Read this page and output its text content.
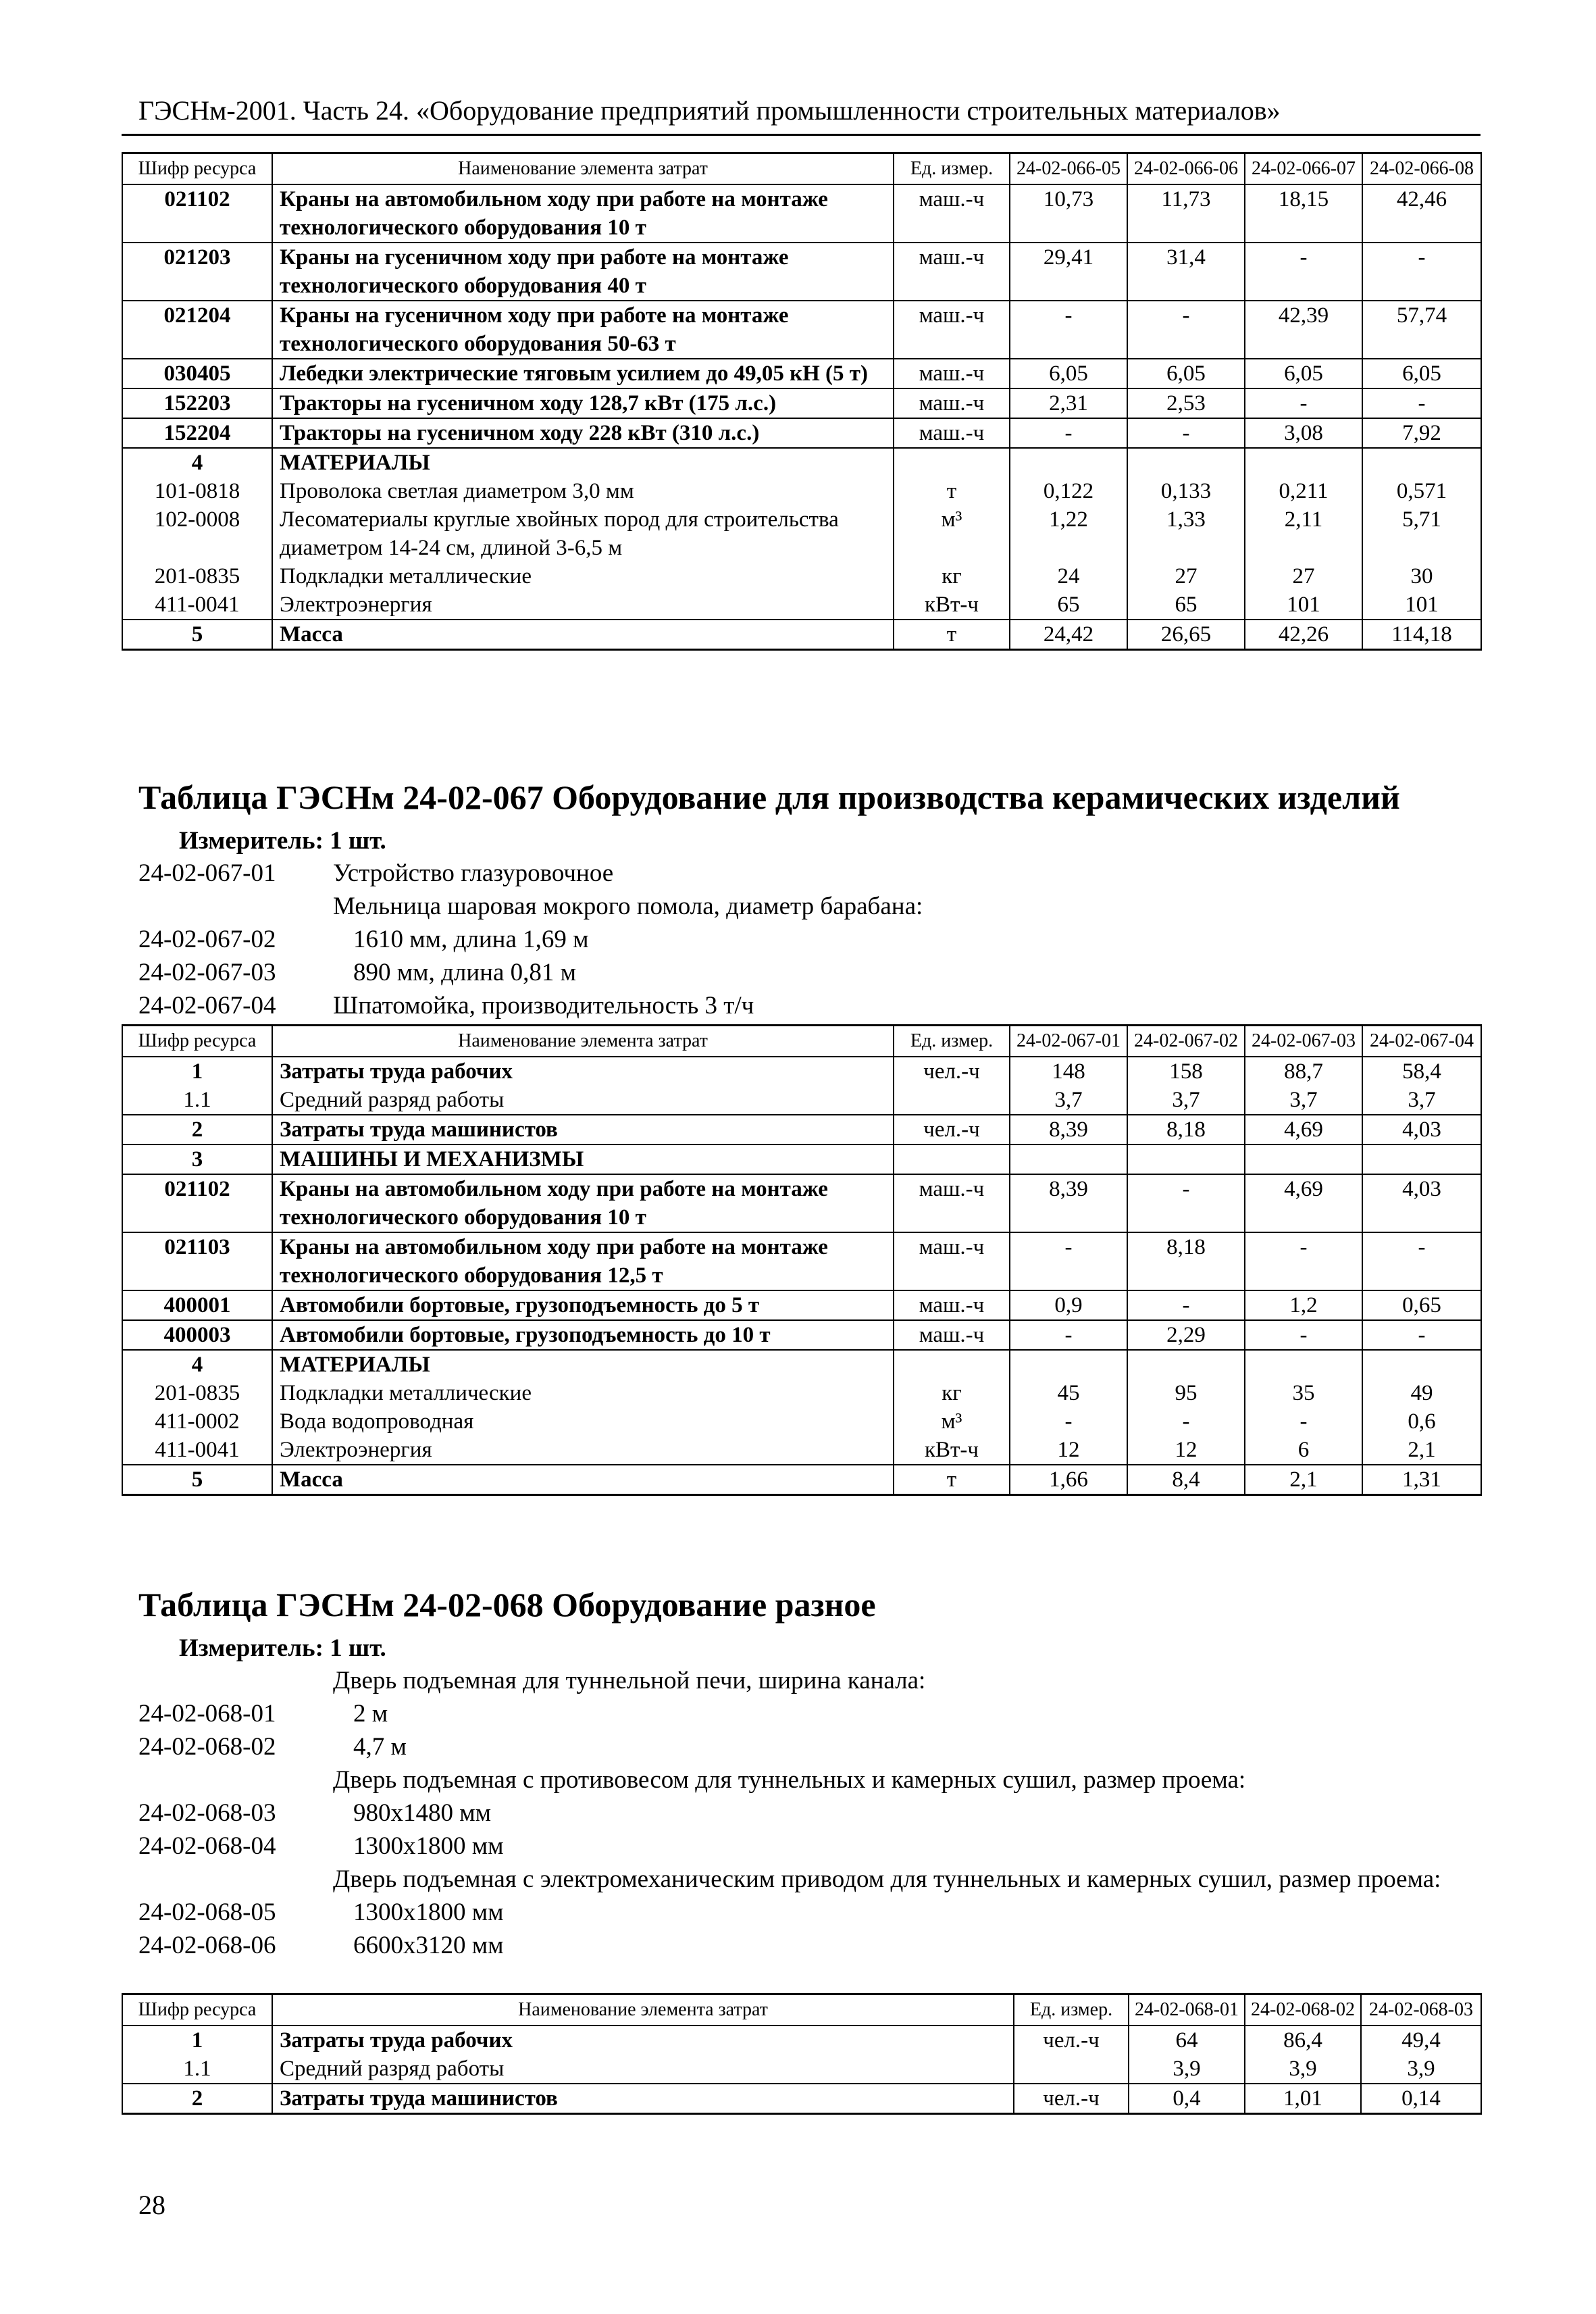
ГЭСНм-2001. Часть 24. «Оборудование предприятий промышленности строительных материалов»
Шифр ресурса	Наименование элемента затрат	Ед. измер.	24-02-066-05	24-02-066-06	24-02-066-07	24-02-066-08
021102	Краны на автомобильном ходу при работе на монтаже технологического оборудования 10 т	маш.-ч	10,73	11,73	18,15	42,46
021203	Краны на гусеничном ходу при работе на монтаже технологического оборудования 40 т	маш.-ч	29,41	31,4	-	-
021204	Краны на гусеничном ходу при работе на монтаже технологического оборудования 50-63 т	маш.-ч	-	-	42,39	57,74
030405	Лебедки электрические тяговым усилием до 49,05 кН (5 т)	маш.-ч	6,05	6,05	6,05	6,05
152203	Тракторы на гусеничном ходу 128,7 кВт (175 л.с.)	маш.-ч	2,31	2,53	-	-
152204	Тракторы на гусеничном ходу 228 кВт (310 л.с.)	маш.-ч	-	-	3,08	7,92
4	МАТЕРИАЛЫ					
101-0818	Проволока светлая диаметром 3,0 мм	т	0,122	0,133	0,211	0,571
102-0008	Лесоматериалы круглые хвойных пород для строительства диаметром 14-24 см, длиной 3-6,5 м	м³	1,22	1,33	2,11	5,71
201-0835	Подкладки металлические	кг	24	27	27	30
411-0041	Электроэнергия	кВт-ч	65	65	101	101
5	Масса	т	24,42	26,65	42,26	114,18
Таблица ГЭСНм 24-02-067 Оборудование для производства керамических изделий
Измеритель: 1 шт.
24-02-067-01	Устройство глазуровочное
Мельница шаровая мокрого помола, диаметр барабана:
24-02-067-02	1610 мм, длина 1,69 м
24-02-067-03	890 мм, длина 0,81 м
24-02-067-04	Шпатомойка, производительность 3 т/ч
Шифр ресурса	Наименование элемента затрат	Ед. измер.	24-02-067-01	24-02-067-02	24-02-067-03	24-02-067-04
1	Затраты труда рабочих	чел.-ч	148	158	88,7	58,4
1.1	Средний разряд работы		3,7	3,7	3,7	3,7
2	Затраты труда машинистов	чел.-ч	8,39	8,18	4,69	4,03
3	МАШИНЫ И МЕХАНИЗМЫ					
021102	Краны на автомобильном ходу при работе на монтаже технологического оборудования 10 т	маш.-ч	8,39	-	4,69	4,03
021103	Краны на автомобильном ходу при работе на монтаже технологического оборудования 12,5 т	маш.-ч	-	8,18	-	-
400001	Автомобили бортовые, грузоподъемность до 5 т	маш.-ч	0,9	-	1,2	0,65
400003	Автомобили бортовые, грузоподъемность до 10 т	маш.-ч	-	2,29	-	-
4	МАТЕРИАЛЫ					
201-0835	Подкладки металлические	кг	45	95	35	49
411-0002	Вода водопроводная	м³	-	-	-	0,6
411-0041	Электроэнергия	кВт-ч	12	12	6	2,1
5	Масса	т	1,66	8,4	2,1	1,31
Таблица ГЭСНм 24-02-068 Оборудование разное
Измеритель: 1 шт.
Дверь подъемная для туннельной печи, ширина канала:
24-02-068-01	2 м
24-02-068-02	4,7 м
Дверь подъемная с противовесом для туннельных и камерных сушил, размер проема:
24-02-068-03	980x1480 мм
24-02-068-04	1300x1800 мм
Дверь подъемная с электромеханическим приводом для туннельных и камерных сушил, размер проема:
24-02-068-05	1300x1800 мм
24-02-068-06	6600x3120 мм
Шифр ресурса	Наименование элемента затрат	Ед. измер.	24-02-068-01	24-02-068-02	24-02-068-03
1	Затраты труда рабочих	чел.-ч	64	86,4	49,4
1.1	Средний разряд работы		3,9	3,9	3,9
2	Затраты труда машинистов	чел.-ч	0,4	1,01	0,14
28
